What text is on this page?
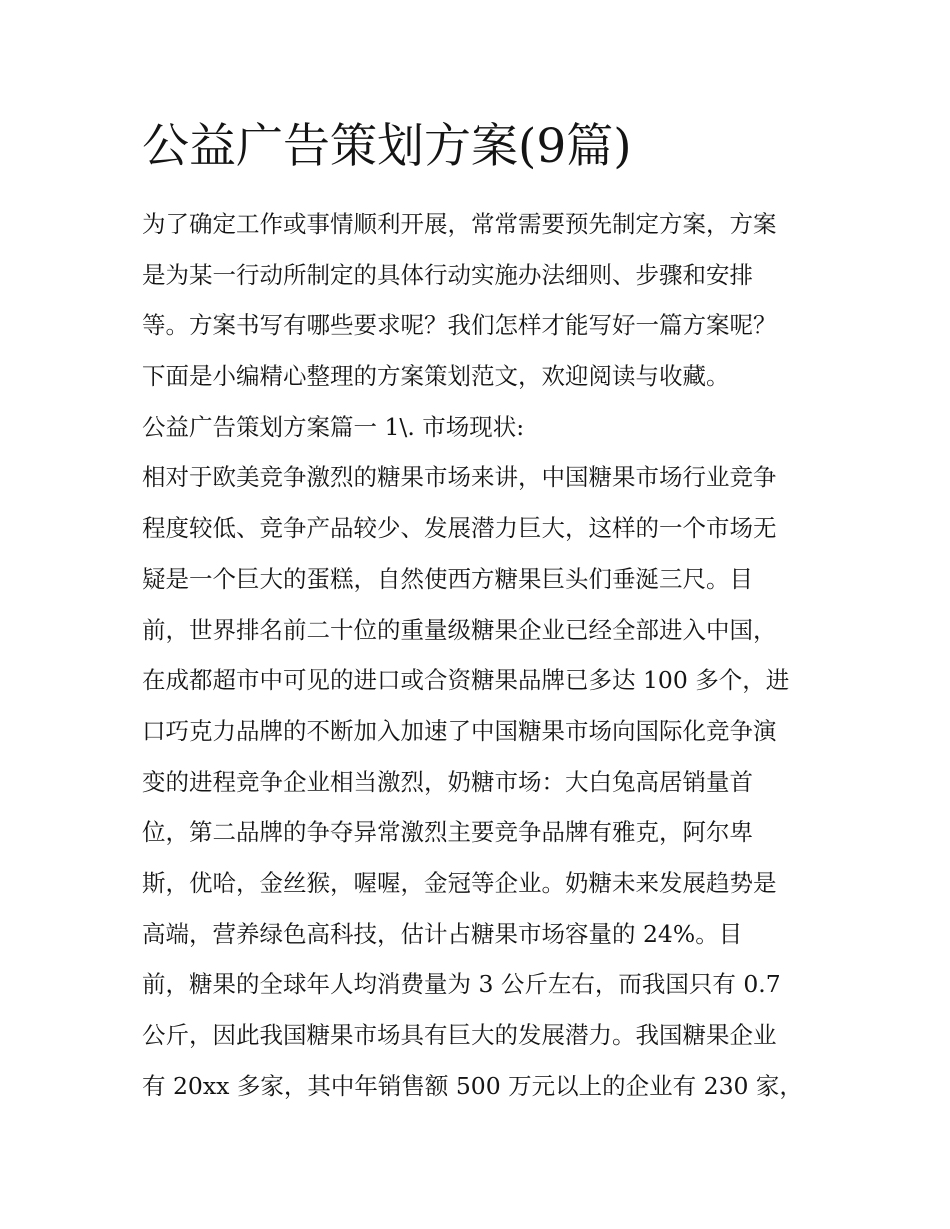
公益广告策划方案(9篇)
为了确定工作或事情顺利开展，常常需要预先制定方案，方案
是为某一行动所制定的具体行动实施办法细则、步骤和安排
等。方案书写有哪些要求呢？我们怎样才能写好一篇方案呢？
下面是小编精心整理的方案策划范文，欢迎阅读与收藏。
公益广告策划方案篇一 1\. 市场现状:
相对于欧美竞争激烈的糖果市场来讲，中国糖果市场行业竞争
程度较低、竞争产品较少、发展潜力巨大，这样的一个市场无
疑是一个巨大的蛋糕，自然使西方糖果巨头们垂涎三尺。目
前，世界排名前二十位的重量级糖果企业已经全部进入中国，
在成都超市中可见的进口或合资糖果品牌已多达 100 多个，进
口巧克力品牌的不断加入加速了中国糖果市场向国际化竞争演
变的进程竞争企业相当激烈，奶糖市场：大白兔高居销量首
位，第二品牌的争夺异常激烈主要竞争品牌有雅克，阿尔卑
斯，优哈，金丝猴，喔喔，金冠等企业。奶糖未来发展趋势是
高端，营养绿色高科技，估计占糖果市场容量的 24%。目
前，糖果的全球年人均消费量为 3 公斤左右，而我国只有 0.7
公斤，因此我国糖果市场具有巨大的发展潜力。我国糖果企业
有 20xx 多家，其中年销售额 500 万元以上的企业有 230 家，
